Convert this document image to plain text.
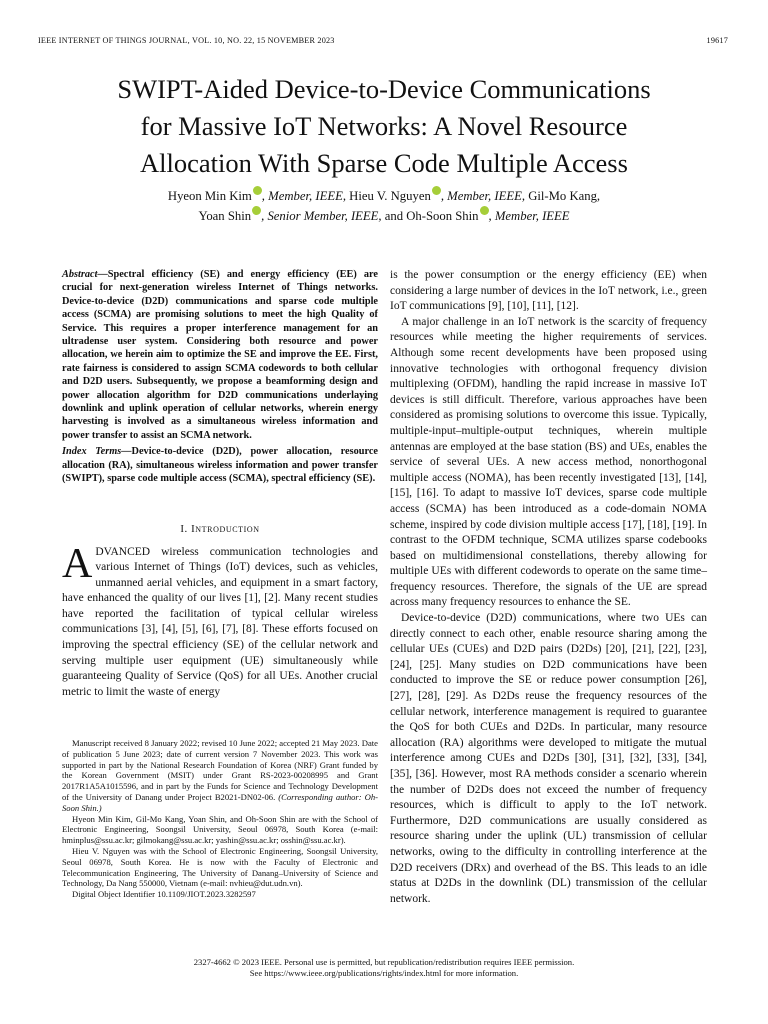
IEEE INTERNET OF THINGS JOURNAL, VOL. 10, NO. 22, 15 NOVEMBER 2023	19617
SWIPT-Aided Device-to-Device Communications
for Massive IoT Networks: A Novel Resource
Allocation With Sparse Code Multiple Access
Hyeon Min Kim , Member, IEEE, Hieu V. Nguyen , Member, IEEE, Gil-Mo Kang,
Yoan Shin , Senior Member, IEEE, and Oh-Soon Shin , Member, IEEE
Abstract—Spectral efficiency (SE) and energy efficiency (EE) are crucial for next-generation wireless Internet of Things networks. Device-to-device (D2D) communications and sparse code multiple access (SCMA) are promising solutions to meet the high Quality of Service. This requires a proper interference management for an ultradense user system. Considering both resource and power allocation, we herein aim to optimize the SE and improve the EE. First, rate fairness is considered to assign SCMA codewords to both cellular and D2D users. Subsequently, we propose a beamforming design and power allocation algorithm for D2D communications underlaying downlink and uplink operation of cellular networks, wherein energy harvesting is involved as a simultaneous wireless information and power transfer to assist an SCMA network.
Index Terms—Device-to-device (D2D), power allocation, resource allocation (RA), simultaneous wireless information and power transfer (SWIPT), sparse code multiple access (SCMA), spectral efficiency (SE).
I. Introduction
ADVANCED wireless communication technologies and various Internet of Things (IoT) devices, such as vehicles, unmanned aerial vehicles, and equipment in a smart factory, have enhanced the quality of our lives [1], [2]. Many recent studies have reported the facilitation of typical cellular wireless communications [3], [4], [5], [6], [7], [8]. These efforts focused on improving the spectral efficiency (SE) of the cellular network and serving multiple user equipment (UE) simultaneously while guaranteeing Quality of Service (QoS) for all UEs. Another crucial metric to limit the waste of energy

Manuscript received 8 January 2022; revised 10 June 2022; accepted 21 May 2023. Date of publication 5 June 2023; date of current version 7 November 2023. This work was supported in part by the National Research Foundation of Korea (NRF) Grant funded by the Korean Government (MSIT) under Grant RS-2023-00208995 and Grant 2017R1A5A1015596, and in part by the Funds for Science and Technology Development of the University of Danang under Project B2021-DN02-06. (Corresponding author: Oh-Soon Shin.)

Hyeon Min Kim, Gil-Mo Kang, Yoan Shin, and Oh-Soon Shin are with the School of Electronic Engineering, Soongsil University, Seoul 06978, South Korea (e-mail: hminplus@ssu.ac.kr; gilmokang@ssu.ac.kr; yashin@ssu.ac.kr; osshin@ssu.ac.kr).

Hieu V. Nguyen was with the School of Electronic Engineering, Soongsil University, Seoul 06978, South Korea. He is now with the Faculty of Electronic and Telecommunication Engineering, The University of Danang–University of Science and Technology, Da Nang 550000, Vietnam (e-mail: nvhieu@dut.udn.vn).

Digital Object Identifier 10.1109/JIOT.2023.3282597

is the power consumption or the energy efficiency (EE) when considering a large number of devices in the IoT network, i.e., green IoT communications [9], [10], [11], [12].

A major challenge in an IoT network is the scarcity of frequency resources while meeting the higher requirements of services. Although some recent developments have been proposed using innovative technologies with orthogonal frequency division multiplexing (OFDM), handling the rapid increase in massive IoT devices is still difficult. Therefore, various approaches have been considered as promising solutions to overcome this issue. Typically, multiple-input–multiple-output techniques, wherein multiple antennas are employed at the base station (BS) and UEs, enables the service of several UEs. A new access method, nonorthogonal multiple access (NOMA), has been recently investigated [13], [14], [15], [16]. To adapt to massive IoT devices, sparse code multiple access (SCMA) has been introduced as a code-domain NOMA scheme, inspired by code division multiple access [17], [18], [19]. In contrast to the OFDM technique, SCMA utilizes sparse codebooks based on multidimensional constellations, thereby allowing for multiple UEs with different codewords to operate on the same time–frequency resources. Therefore, the signals of the UE are spread across many frequency resources to enhance the SE.

Device-to-device (D2D) communications, where two UEs can directly connect to each other, enable resource sharing among the cellular UEs (CUEs) and D2D pairs (D2Ds) [20], [21], [22], [23], [24], [25]. Many studies on D2D communications have been conducted to improve the SE or reduce power consumption [26], [27], [28], [29]. As D2Ds reuse the frequency resources of the cellular network, interference management is required to guarantee the QoS for both CUEs and D2Ds. In particular, many resource allocation (RA) algorithms were developed to mitigate the mutual interference among CUEs and D2Ds [30], [31], [32], [33], [34], [35], [36]. However, most RA methods consider a scenario wherein the number of D2Ds does not exceed the number of frequency resources, which is difficult to apply to the IoT network. Furthermore, D2D communications are usually considered as resource sharing under the uplink (UL) transmission of cellular networks, owing to the difficulty in controlling interference at the D2D receivers (DRx) and overhead of the BS. This leads to an idle status at D2Ds in the downlink (DL) transmission of the cellular network.

2327-4662 © 2023 IEEE. Personal use is permitted, but republication/redistribution requires IEEE permission.
See https://www.ieee.org/publications/rights/index.html for more information.
